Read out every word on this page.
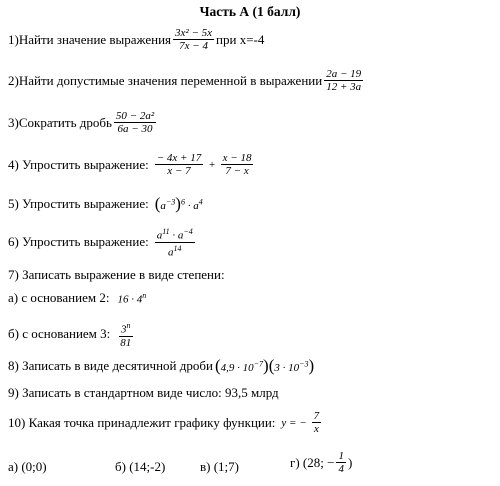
Часть А (1 балл)
1)Найти значение выражения $\frac{\text{3x² − 5x}}{7x - 4}$ при х=-4
2)Найти допустимые значения переменной в выражении $\frac{2a - 19}{12 + 3a}$
3)Сократить дробь $\frac{\text{50 − 2a²}}{6a - 30}$
4) Упростить выражение: $\frac{- 4x + 17}{x - 7} + \frac{x - 18}{7 - x}$
5) Упростить выражение: $(a^{-3})^6 \cdot a^4$
6) Упростить выражение: $\frac{a^{11} \cdot a^{-4}}{a^{14}}$
7) Записать выражение в виде степени:
а) с основанием 2: $16 \cdot 4^n$
б) с основанием 3: $\frac{3^n}{81}$
8) Записать в виде десятичной дроби $(4,9 \cdot 10^{-7})(3 \cdot 10^{-3})$
9) Записать в стандартном виде число: 93,5 млрд
10) Какая точка принадлежит графику функции: y = − $\frac{7}{x}$
а) (0;0)	б) (14;-2)	в) (1;7)	г) (28; − $\frac{1}{4}$ )
